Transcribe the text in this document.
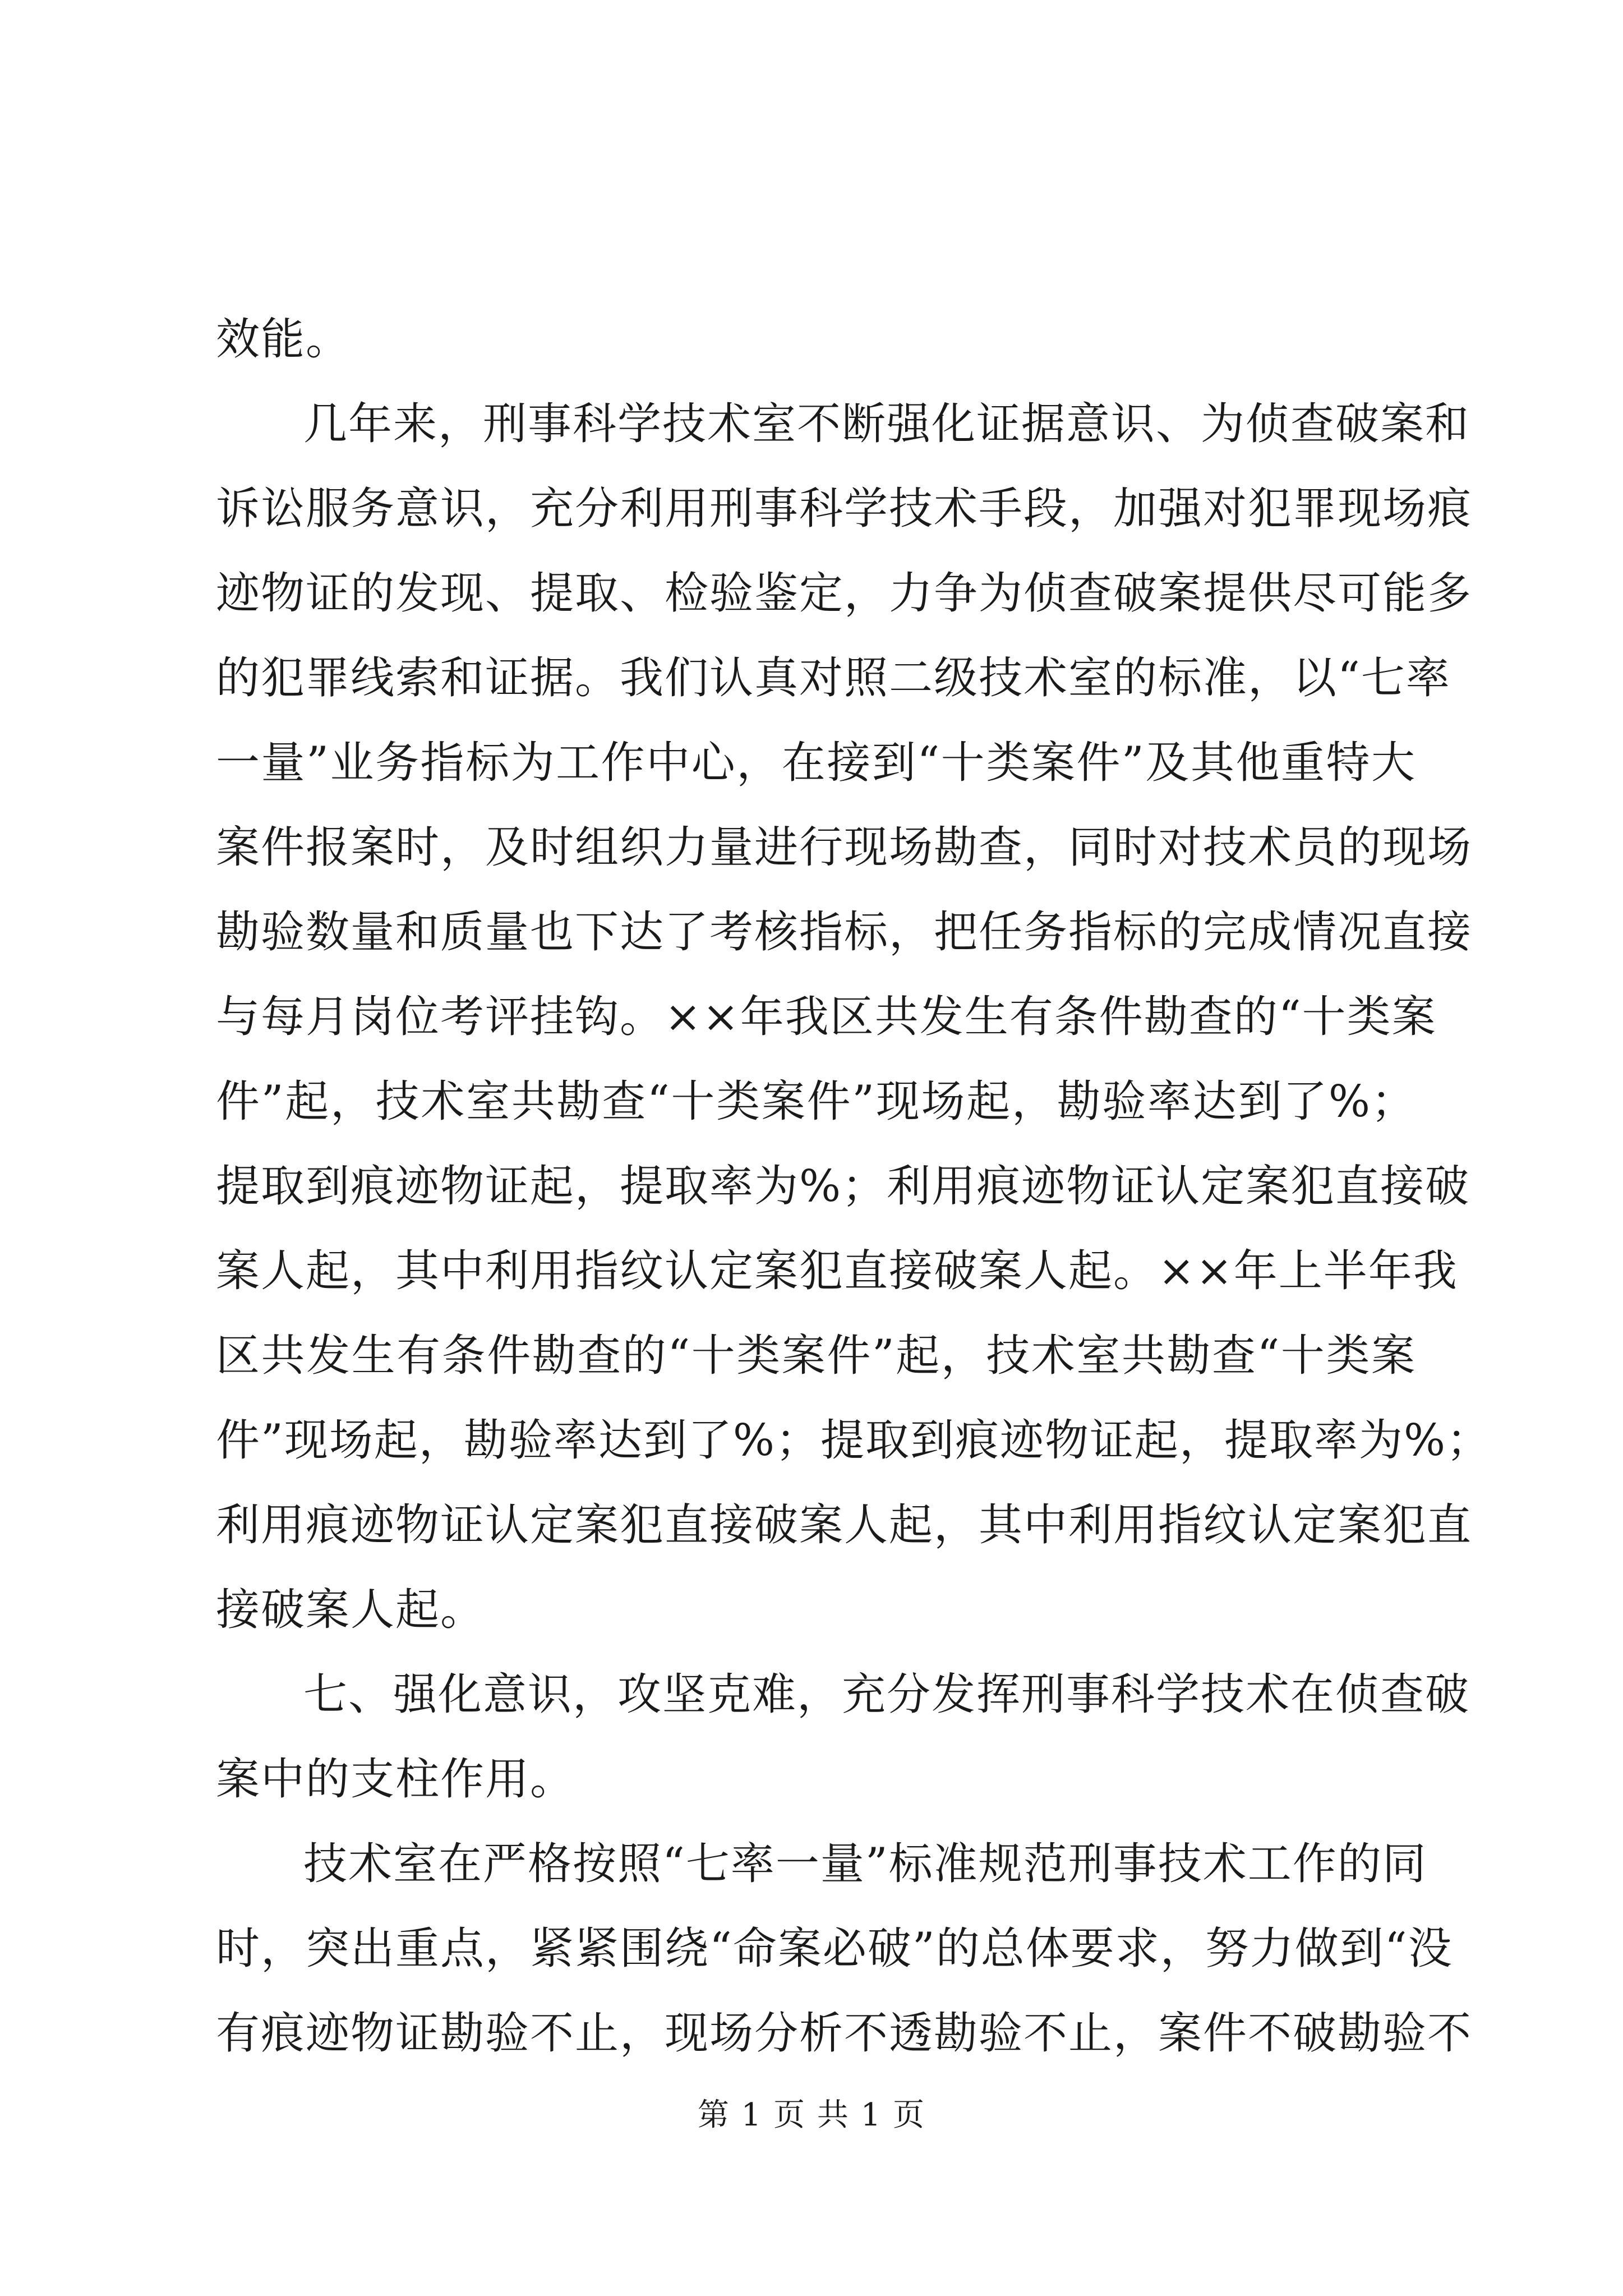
效能。
几年来，刑事科学技术室不断强化证据意识、为侦查破案和
诉讼服务意识，充分利用刑事科学技术手段，加强对犯罪现场痕
迹物证的发现、提取、检验鉴定，力争为侦查破案提供尽可能多
的犯罪线索和证据。我们认真对照二级技术室的标准，以“七率
一量”业务指标为工作中心，在接到“十类案件”及其他重特大
案件报案时，及时组织力量进行现场勘查，同时对技术员的现场
勘验数量和质量也下达了考核指标，把任务指标的完成情况直接
与每月岗位考评挂钩。××年我区共发生有条件勘查的“十类案
件”起，技术室共勘查“十类案件”现场起，勘验率达到了%；
提取到痕迹物证起，提取率为%；利用痕迹物证认定案犯直接破
案人起，其中利用指纹认定案犯直接破案人起。××年上半年我
区共发生有条件勘查的“十类案件”起，技术室共勘查“十类案
件”现场起，勘验率达到了%；提取到痕迹物证起，提取率为%；
利用痕迹物证认定案犯直接破案人起，其中利用指纹认定案犯直
接破案人起。
七、强化意识，攻坚克难，充分发挥刑事科学技术在侦查破
案中的支柱作用。
技术室在严格按照“七率一量”标准规范刑事技术工作的同
时，突出重点，紧紧围绕“命案必破”的总体要求，努力做到“没
有痕迹物证勘验不止，现场分析不透勘验不止，案件不破勘验不
第 1 页 共 1 页
